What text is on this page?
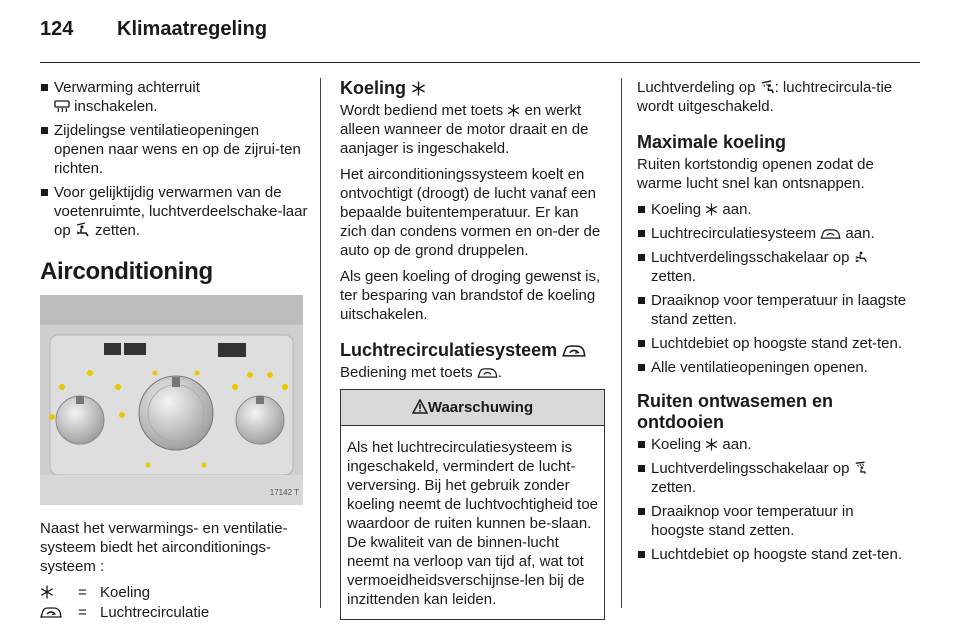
124 Klimaatregeling
Verwarming achterruit
inschakelen.
Zijdelingse ventilatieopeningen openen naar wens en op de zijrui-ten richten.
Voor gelijktijdig verwarmen van de voetenruimte, luchtverdeelschake-laar op  zetten.
Airconditioning
17142 T

Naast het verwarmings- en ventilatie-systeem biedt het airconditionings-systeem :

	=	Koeling
	=	Luchtrecirculatie
Koeling

Wordt bediend met toets en werkt alleen wanneer de motor draait en de aanjager is ingeschakeld.

Het airconditioningssysteem koelt en ontvochtigt (droogt) de lucht vanaf een bepaalde buitentemperatuur. Er kan zich dan condens vormen en on-der de auto op de grond druppelen.

Als geen koeling of droging gewenst is, ter besparing van brandstof de koeling uitschakelen.

Luchtrecirculatiesysteem

Bediening met toets .

Waarschuwing
Als het luchtrecirculatiesysteem is ingeschakeld, vermindert de lucht-verversing. Bij het gebruik zonder koeling neemt de luchtvochtigheid toe waardoor de ruiten kunnen be-slaan. De kwaliteit van de binnen-lucht neemt na verloop van tijd af, wat tot vermoeidheidsverschijnse-len bij de inzittenden kan leiden.

Luchtverdeling op : luchtrecircula-tie wordt uitgeschakeld.

Maximale koeling

Ruiten kortstondig openen zodat de warme lucht snel kan ontsnappen.

Koeling aan.
Luchtrecirculatiesysteem aan.
Luchtverdelingsschakelaar op
zetten.
Draaiknop voor temperatuur in laagste stand zetten.
Luchtdebiet op hoogste stand zet-ten.
Alle ventilatieopeningen openen.
Ruiten ontwasemen en ontdooien
Koeling aan.
Luchtverdelingsschakelaar op
zetten.
Draaiknop voor temperatuur in hoogste stand zetten.
Luchtdebiet op hoogste stand zet-ten.
